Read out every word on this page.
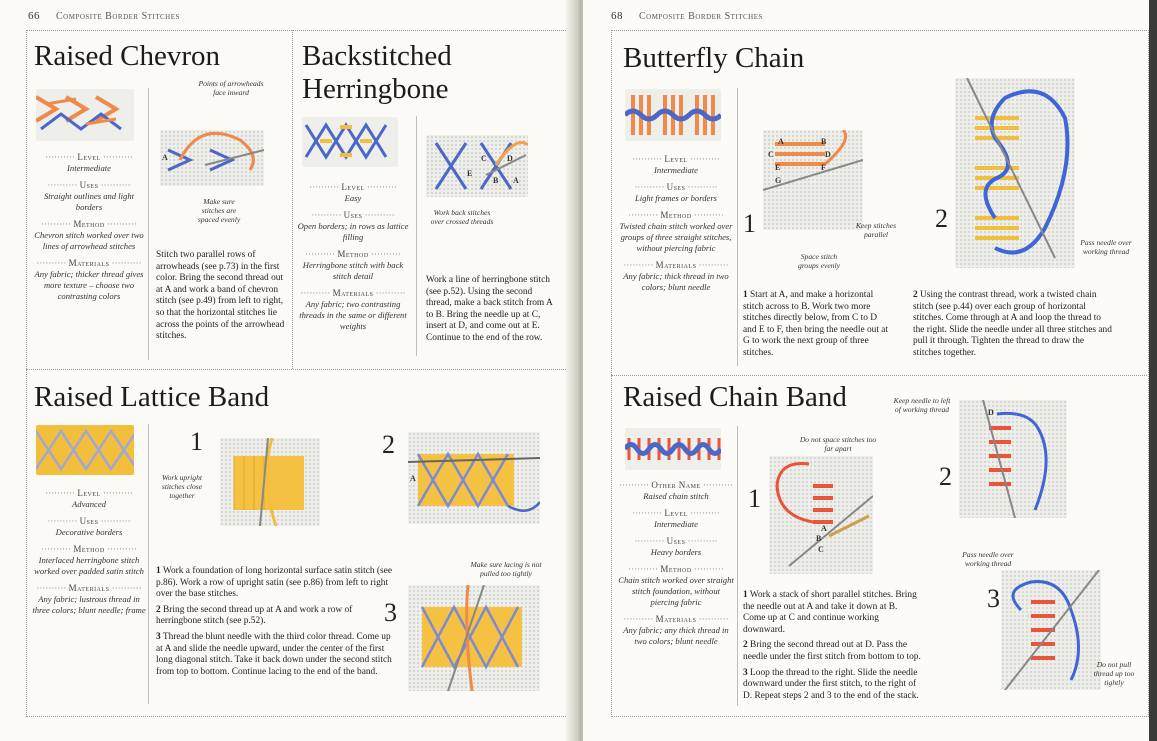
66 Composite Border Stitches
Raised Chevron
····· Level ·····
Intermediate
····· Uses ·····
Straight outlines and light borders
····· Method ·····
Chevron stitch worked over two lines of arrowhead stitches
····· Materials ·····
Any fabric; thicker thread gives more texture – choose two contrasting colors
Points of arrowheads face inward
A
Make sure stitches are spaced evenly
Stitch two parallel rows of arrowheads (see p.73) in the first color. Bring the second thread out at A and work a band of chevron stitch (see p.49) from left to right, so that the horizontal stitches lie across the points of the arrowhead stitches.
Backstitched
Herringbone
····· Level ·····
Easy
····· Uses ·····
Open borders; in rows as lattice filling
····· Method ·····
Herringbone stitch with back stitch detail
····· Materials ·····
Any fabric; two contrasting threads in the same or different weights
C	D
E
B A
Work back stitches over crossed threads
Work a line of herringbone stitch (see p.52). Using the second thread, make a back stitch from A to B. Bring the needle up at C, insert at D, and come out at E. Continue to the end of the row.
Raised Lattice Band
····· Level ·····
Advanced
····· Uses ·····
Decorative borders
····· Method ·····
Interlaced herringbone stitch worked over padded satin stitch
····· Materials ·····
Any fabric; lustrous thread in three colors; blunt needle; frame
1
Work upright stitches close together
2
A
Make sure lacing is not pulled too tightly
3

1 Work a foundation of long horizontal surface satin stitch (see p.86). Work a row of upright satin (see p.86) from left to right over the base stitches.

2 Bring the second thread up at A and work a row of herringbone stitch (see p.52).

3 Thread the blunt needle with the third color thread. Come up at A and slide the needle upward, under the center of the first long diagonal stitch. Take it back down under the second stitch from top to bottom. Continue lacing to the end of the band.

68 Composite Border Stitches
Butterfly Chain
····· Level ·····
Intermediate
····· Uses ·····
Light frames or borders
····· Method ·····
Twisted chain stitch worked over groups of three straight stitches, without piercing fabric
····· Materials ·····
Any fabric; thick thread in two colors; blunt needle
1
A	B
C	D
E	F
G
Keep stitches parallel
Space stitch groups evenly
2
Pass needle over working thread

1 Start at A, and make a horizontal stitch across to B. Work two more stitches directly below, from C to D and E to F, then bring the needle out at G to work the next group of three stitches.

2 Using the contrast thread, work a twisted chain stitch (see p.44) over each group of horizontal stitches. Come through at A and loop the thread to the right. Slide the needle under all three stitches and pull it through. Tighten the thread to draw the stitches together.

Raised Chain Band
····· Other Name ·····
Raised chain stitch
····· Level ·····
Intermediate
····· Uses ·····
Heavy borders
····· Method ·····
Chain stitch worked over straight stitch foundation, without piercing fabric
····· Materials ·····
Any fabric; any thick thread in two colors; blunt needle
Do not space stitches too far apart
1
A
B
C
Keep needle to left of working thread
2
D
Pass needle over working thread
3
Do not pull thread up too tightly

1 Work a stack of short parallel stitches. Bring the needle out at A and take it down at B. Come up at C and continue working downward.

2 Bring the second thread out at D. Pass the needle under the first stitch from bottom to top.

3 Loop the thread to the right. Slide the needle downward under the first stitch, to the right of D. Repeat steps 2 and 3 to the end of the stack.
